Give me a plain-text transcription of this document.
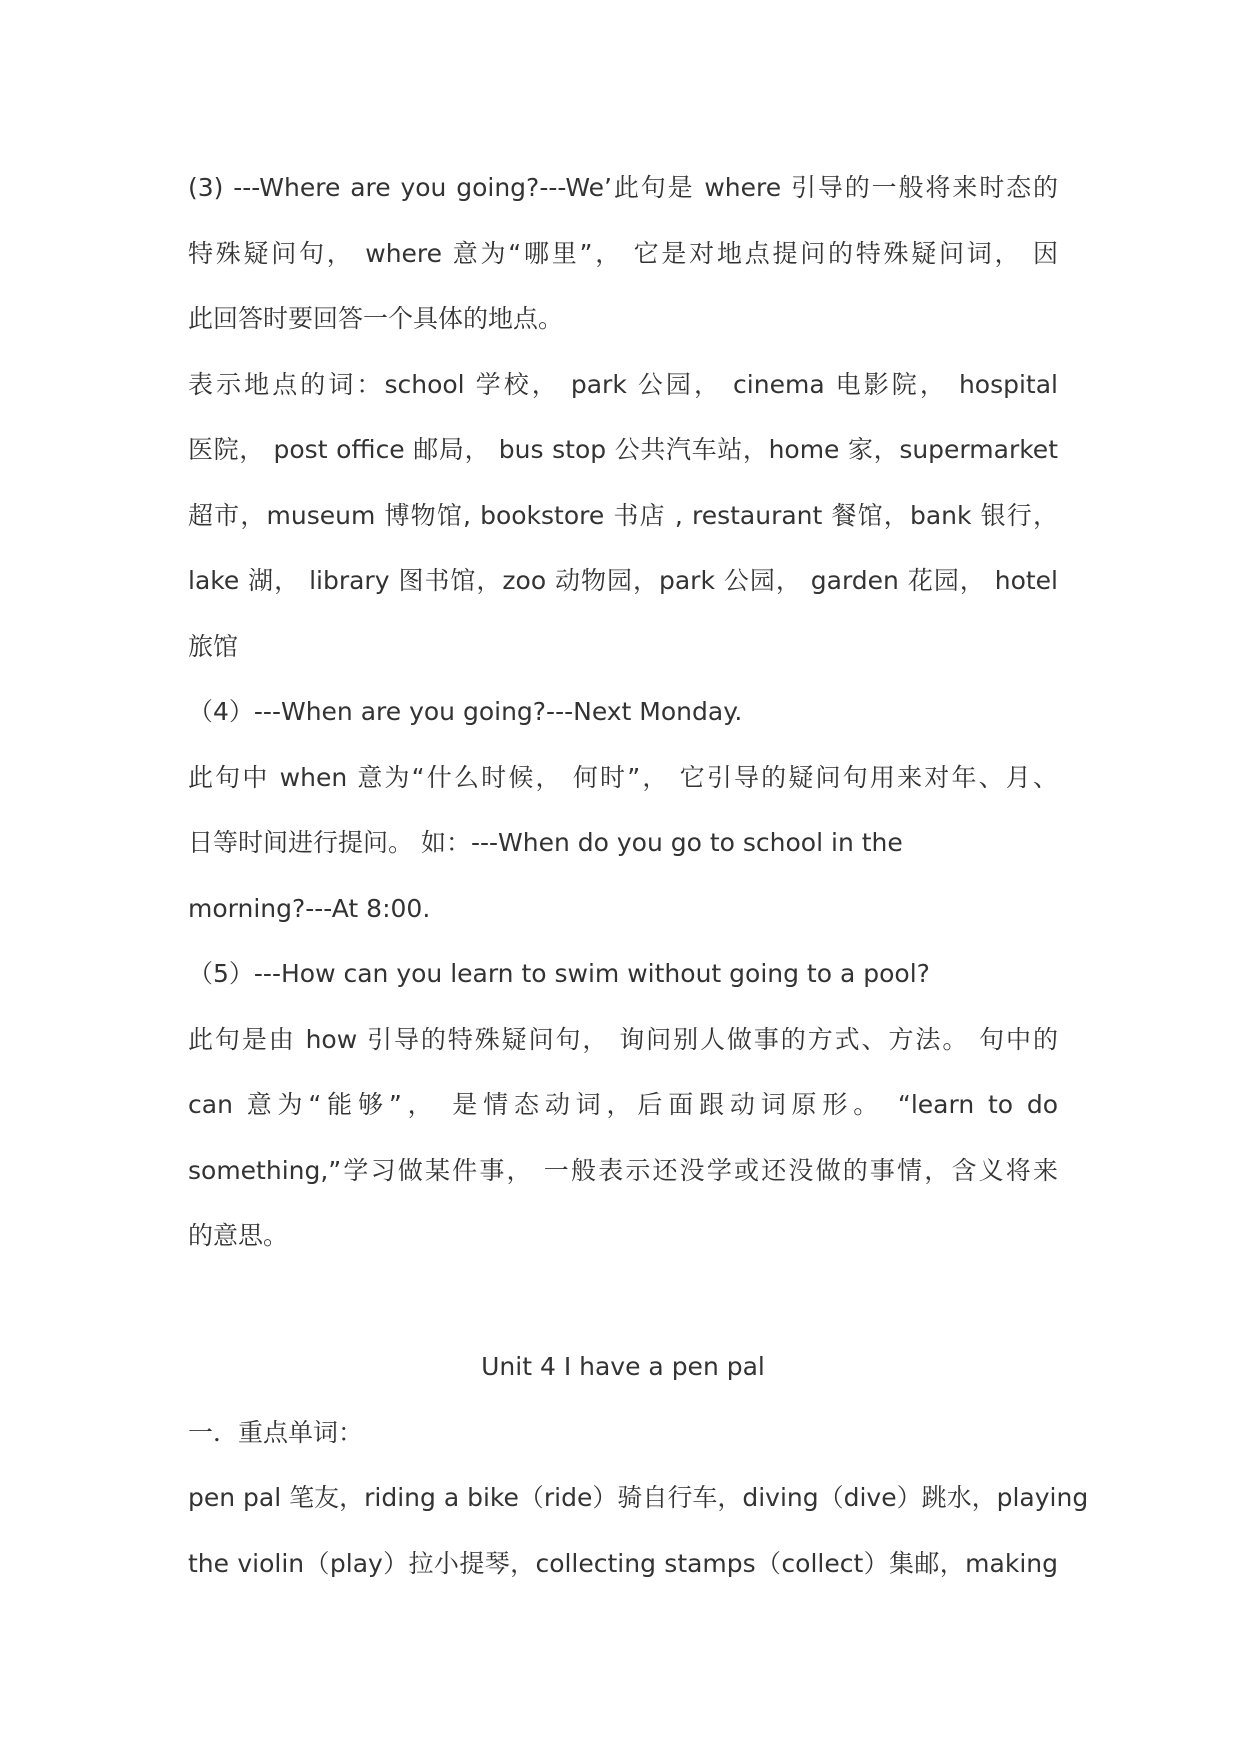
(3) ---Where are you going?---We’此句是 where 引导的一般将来时态的
特殊疑问句， where 意为“哪里”， 它是对地点提问的特殊疑问词， 因
此回答时要回答一个具体的地点。
表示地点的词：school 学校， park 公园， cinema 电影院， hospital
医院， post office 邮局， bus stop 公共汽车站，home 家，supermarket
超市，museum 博物馆, bookstore 书店 , restaurant 餐馆，bank 银行，
lake 湖， library 图书馆，zoo 动物园，park 公园， garden 花园， hotel
旅馆
（4）---When are you going?---Next Monday.
此句中 when 意为“什么时候， 何时”， 它引导的疑问句用来对年、月、
日等时间进行提问。 如：---When do you go to school in the
morning?---At 8:00.
（5）---How can you learn to swim without going to a pool?
此句是由 how 引导的特殊疑问句， 询问别人做事的方式、方法。 句中的
can 意为“能够”， 是情态动词，后面跟动词原形。 “learn to do
something,”学习做某件事， 一般表示还没学或还没做的事情，含义将来
的意思。
Unit 4 I have a pen pal
一．重点单词：
pen pal 笔友，riding a bike（ride）骑自行车，diving（dive）跳水，playing
the violin（play）拉小提琴，collecting stamps（collect）集邮，making
